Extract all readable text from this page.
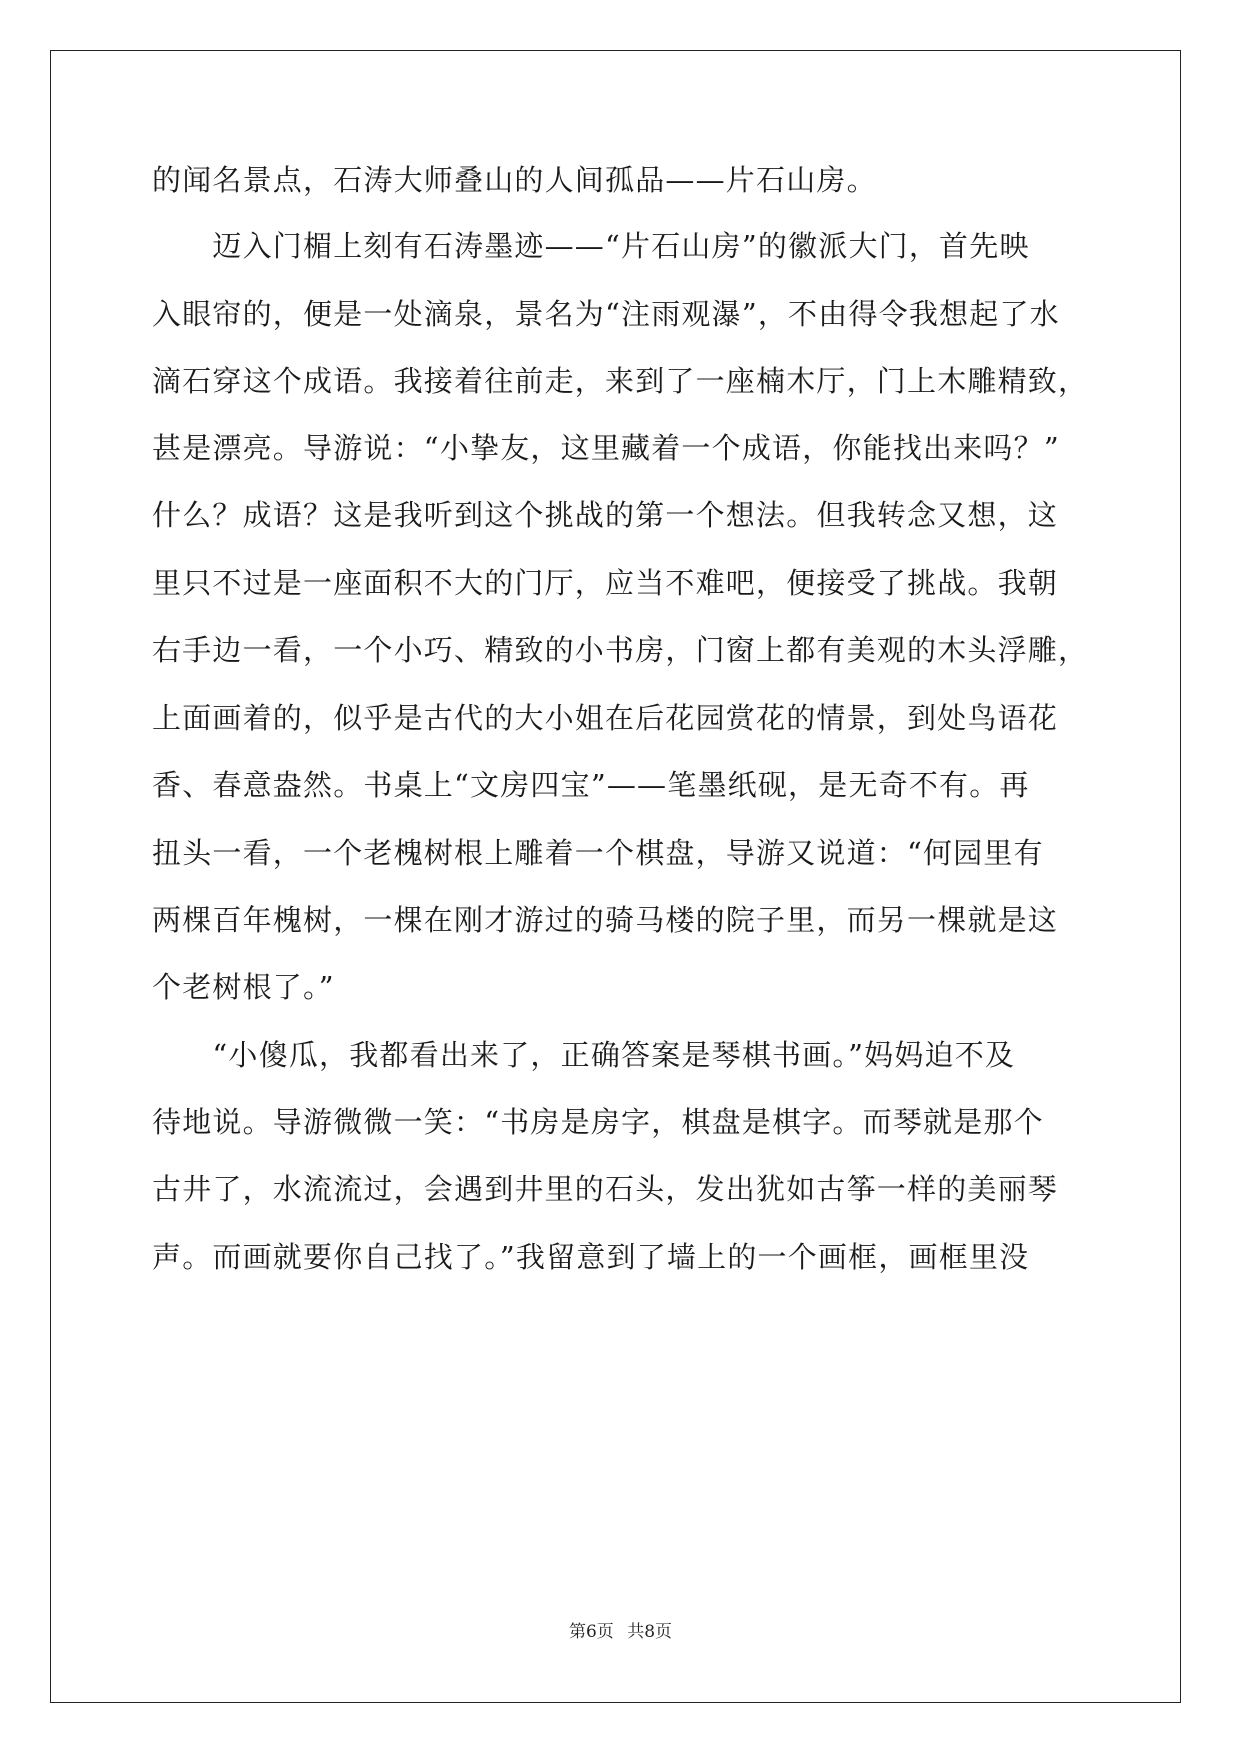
的闻名景点，石涛大师叠山的人间孤品——片石山房。
　　迈入门楣上刻有石涛墨迹——“片石山房”的徽派大门，首先映
入眼帘的，便是一处滴泉，景名为“注雨观瀑”，不由得令我想起了水
滴石穿这个成语。我接着往前走，来到了一座楠木厅，门上木雕精致，
甚是漂亮。导游说：“小挚友，这里藏着一个成语，你能找出来吗？”
什么？成语？这是我听到这个挑战的第一个想法。但我转念又想，这
里只不过是一座面积不大的门厅，应当不难吧，便接受了挑战。我朝
右手边一看，一个小巧、精致的小书房，门窗上都有美观的木头浮雕，
上面画着的，似乎是古代的大小姐在后花园赏花的情景，到处鸟语花
香、春意盎然。书桌上“文房四宝”——笔墨纸砚，是无奇不有。再
扭头一看，一个老槐树根上雕着一个棋盘，导游又说道：“何园里有
两棵百年槐树，一棵在刚才游过的骑马楼的院子里，而另一棵就是这
个老树根了。”
　　“小傻瓜，我都看出来了，正确答案是琴棋书画。”妈妈迫不及
待地说。导游微微一笑：“书房是房字，棋盘是棋字。而琴就是那个
古井了，水流流过，会遇到井里的石头，发出犹如古筝一样的美丽琴
声。而画就要你自己找了。”我留意到了墙上的一个画框，画框里没
第6页 共8页
